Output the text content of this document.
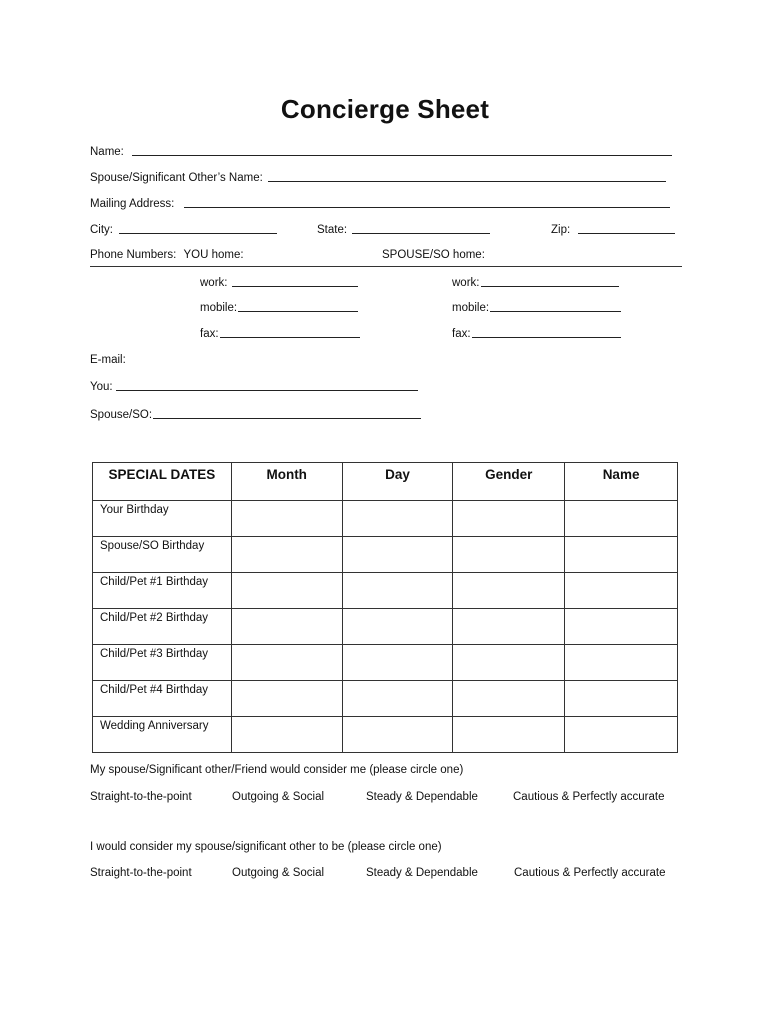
Concierge Sheet
Name:
Spouse/Significant Other’s Name:
Mailing Address:
City:	State:	Zip:
Phone Numbers: YOU home:	SPOUSE/SO home:
work:	work:
mobile:	mobile:
fax:	fax:
E-mail:
You:
Spouse/SO:
SPECIAL DATES	Month	Day	Gender	Name
Your Birthday				
Spouse/SO Birthday				
Child/Pet #1 Birthday				
Child/Pet #2 Birthday				
Child/Pet #3 Birthday				
Child/Pet #4 Birthday				
Wedding Anniversary				
My spouse/Significant other/Friend would consider me (please circle one)
Straight-to-the-point	Outgoing & Social	Steady & Dependable	Cautious & Perfectly accurate
I would consider my spouse/significant other to be (please circle one)
Straight-to-the-point	Outgoing & Social	Steady & Dependable	Cautious & Perfectly accurate
